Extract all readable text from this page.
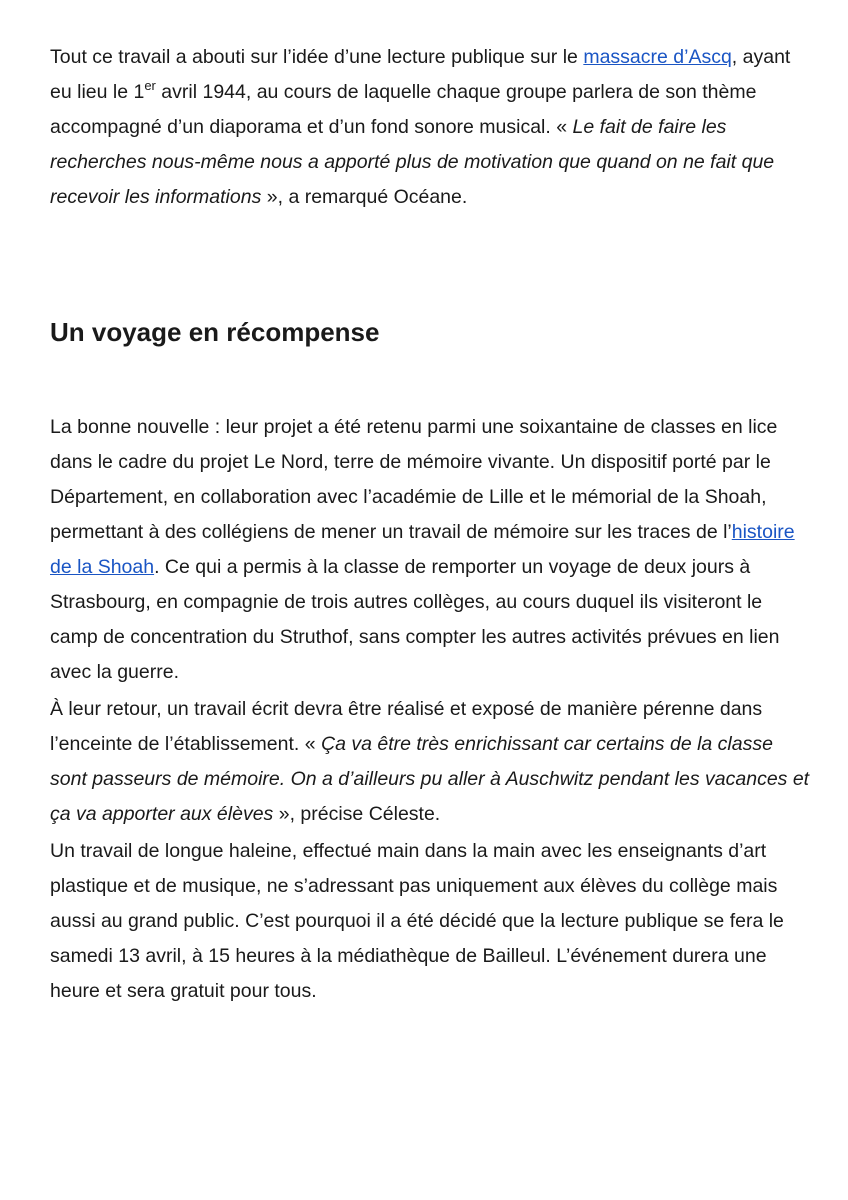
Tout ce travail a abouti sur l’idée d’une lecture publique sur le massacre d’Ascq, ayant eu lieu le 1er avril 1944, au cours de laquelle chaque groupe parlera de son thème accompagné d’un diaporama et d’un fond sonore musical. « Le fait de faire les recherches nous-même nous a apporté plus de motivation que quand on ne fait que recevoir les informations », a remarqué Océane.

Un voyage en récompense

La bonne nouvelle : leur projet a été retenu parmi une soixantaine de classes en lice dans le cadre du projet Le Nord, terre de mémoire vivante. Un dispositif porté par le Département, en collaboration avec l’académie de Lille et le mémorial de la Shoah, permettant à des collégiens de mener un travail de mémoire sur les traces de l’histoire de la Shoah. Ce qui a permis à la classe de remporter un voyage de deux jours à Strasbourg, en compagnie de trois autres collèges, au cours duquel ils visiteront le camp de concentration du Struthof, sans compter les autres activités prévues en lien avec la guerre.

À leur retour, un travail écrit devra être réalisé et exposé de manière pérenne dans l’enceinte de l’établissement. « Ça va être très enrichissant car certains de la classe sont passeurs de mémoire. On a d’ailleurs pu aller à Auschwitz pendant les vacances et ça va apporter aux élèves », précise Céleste.

Un travail de longue haleine, effectué main dans la main avec les enseignants d’art plastique et de musique, ne s’adressant pas uniquement aux élèves du collège mais aussi au grand public. C’est pourquoi il a été décidé que la lecture publique se fera le samedi 13 avril, à 15 heures à la médiathèque de Bailleul. L’événement durera une heure et sera gratuit pour tous.
